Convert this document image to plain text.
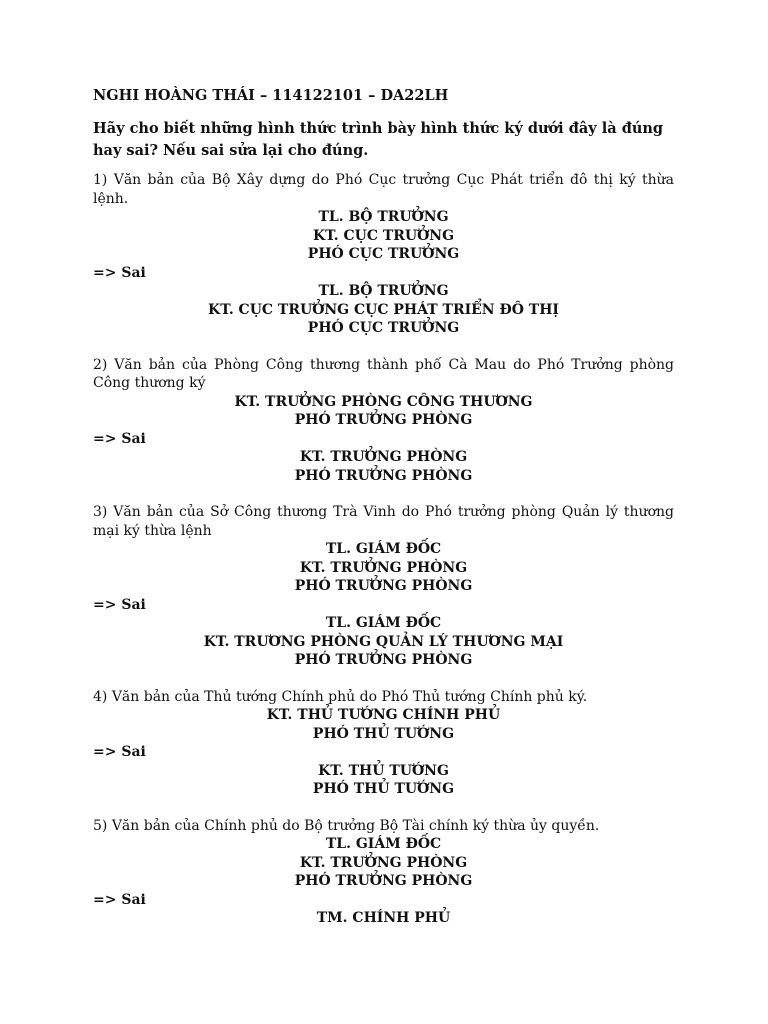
NGHI HOÀNG THÁI – 114122101 – DA22LH
Hãy cho biết những hình thức trình bày hình thức ký dưới đây là đúng hay sai? Nếu sai sửa lại cho đúng.

1) Văn bản của Bộ Xây dựng do Phó Cục trưởng Cục Phát triển đô thị ký thừa lệnh.

TL. BỘ TRƯỞNG

KT. CỤC TRƯỞNG

PHÓ CỤC TRƯỞNG

=> Sai

TL. BỘ TRƯỞNG

KT. CỤC TRƯỞNG CỤC PHÁT TRIỂN ĐÔ THỊ

PHÓ CỤC TRƯỞNG

2) Văn bản của Phòng Công thương thành phố Cà Mau do Phó Trưởng phòng Công thương ký

KT. TRƯỞNG PHÒNG CÔNG THƯƠNG

PHÓ TRƯỞNG PHÒNG

=> Sai

KT. TRƯỞNG PHÒNG

PHÓ TRƯỞNG PHÒNG

3) Văn bản của Sở Công thương Trà Vinh do Phó trưởng phòng Quản lý thương mại ký thừa lệnh

TL. GIÁM ĐỐC

KT. TRƯỞNG PHÒNG

PHÓ TRƯỞNG PHÒNG

=> Sai

TL. GIÁM ĐỐC

KT. TRƯƠNG PHÒNG QUẢN LÝ THƯƠNG MẠI

PHÓ TRƯỞNG PHÒNG

4) Văn bản của Thủ tướng Chính phủ do Phó Thủ tướng Chính phủ ký.

KT. THỦ TƯỚNG CHÍNH PHỦ

PHÓ THỦ TƯỚNG

=> Sai

KT. THỦ TƯỚNG

PHÓ THỦ TƯỚNG

5) Văn bản của Chính phủ do Bộ trưởng Bộ Tài chính ký thừa ủy quyền.

TL. GIÁM ĐỐC

KT. TRƯỞNG PHÒNG

PHÓ TRƯỞNG PHÒNG

=> Sai

TM. CHÍNH PHỦ
